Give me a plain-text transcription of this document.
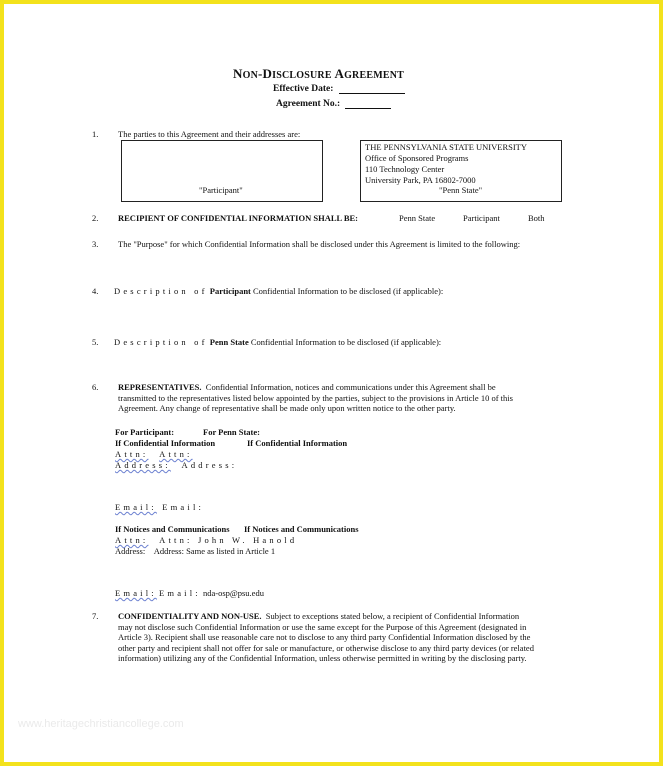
NON-DISCLOSURE AGREEMENT
Effective Date:
Agreement No.:
1. The parties to this Agreement and their addresses are:
"Participant"
THE PENNSYLVANIA STATE UNIVERSITY
Office of Sponsored Programs
110 Technology Center
University Park, PA 16802-7000
"Penn State"
2. RECIPIENT OF CONFIDENTIAL INFORMATION SHALL BE:	Penn State	Participant	Both
3. The "Purpose" for which Confidential Information shall be disclosed under this Agreement is limited to the following:
4. Description of Participant Confidential Information to be disclosed (if applicable):
5. Description of Penn State Confidential Information to be disclosed (if applicable):
6. REPRESENTATIVES. Confidential Information, notices and communications under this Agreement shall be
transmitted to the representatives listed below appointed by the parties, subject to the provisions in Article 10 of this
Agreement. Any change of representative shall be made only upon written notice to the other party.
For Participant:	For Penn State:
If Confidential Information	If Confidential Information
Attn: Attn:
Address: Address:
Email: Email:
If Notices and Communications If Notices and Communications
Attn: Attn: John W. Hanold
Address: Address: Same as listed in Article 1
Email: Email: nda-osp@psu.edu
7. CONFIDENTIALITY AND NON-USE. Subject to exceptions stated below, a recipient of Confidential Information
may not disclose such Confidential Information or use the same except for the Purpose of this Agreement (designated in
Article 3). Recipient shall use reasonable care not to disclose to any third party Confidential Information disclosed by the
other party and recipient shall not offer for sale or manufacture, or otherwise disclose to any third party devices (or related
information) utilizing any of the Confidential Information, unless otherwise permitted in writing by the disclosing party.
www.heritagechristiancollege.com
